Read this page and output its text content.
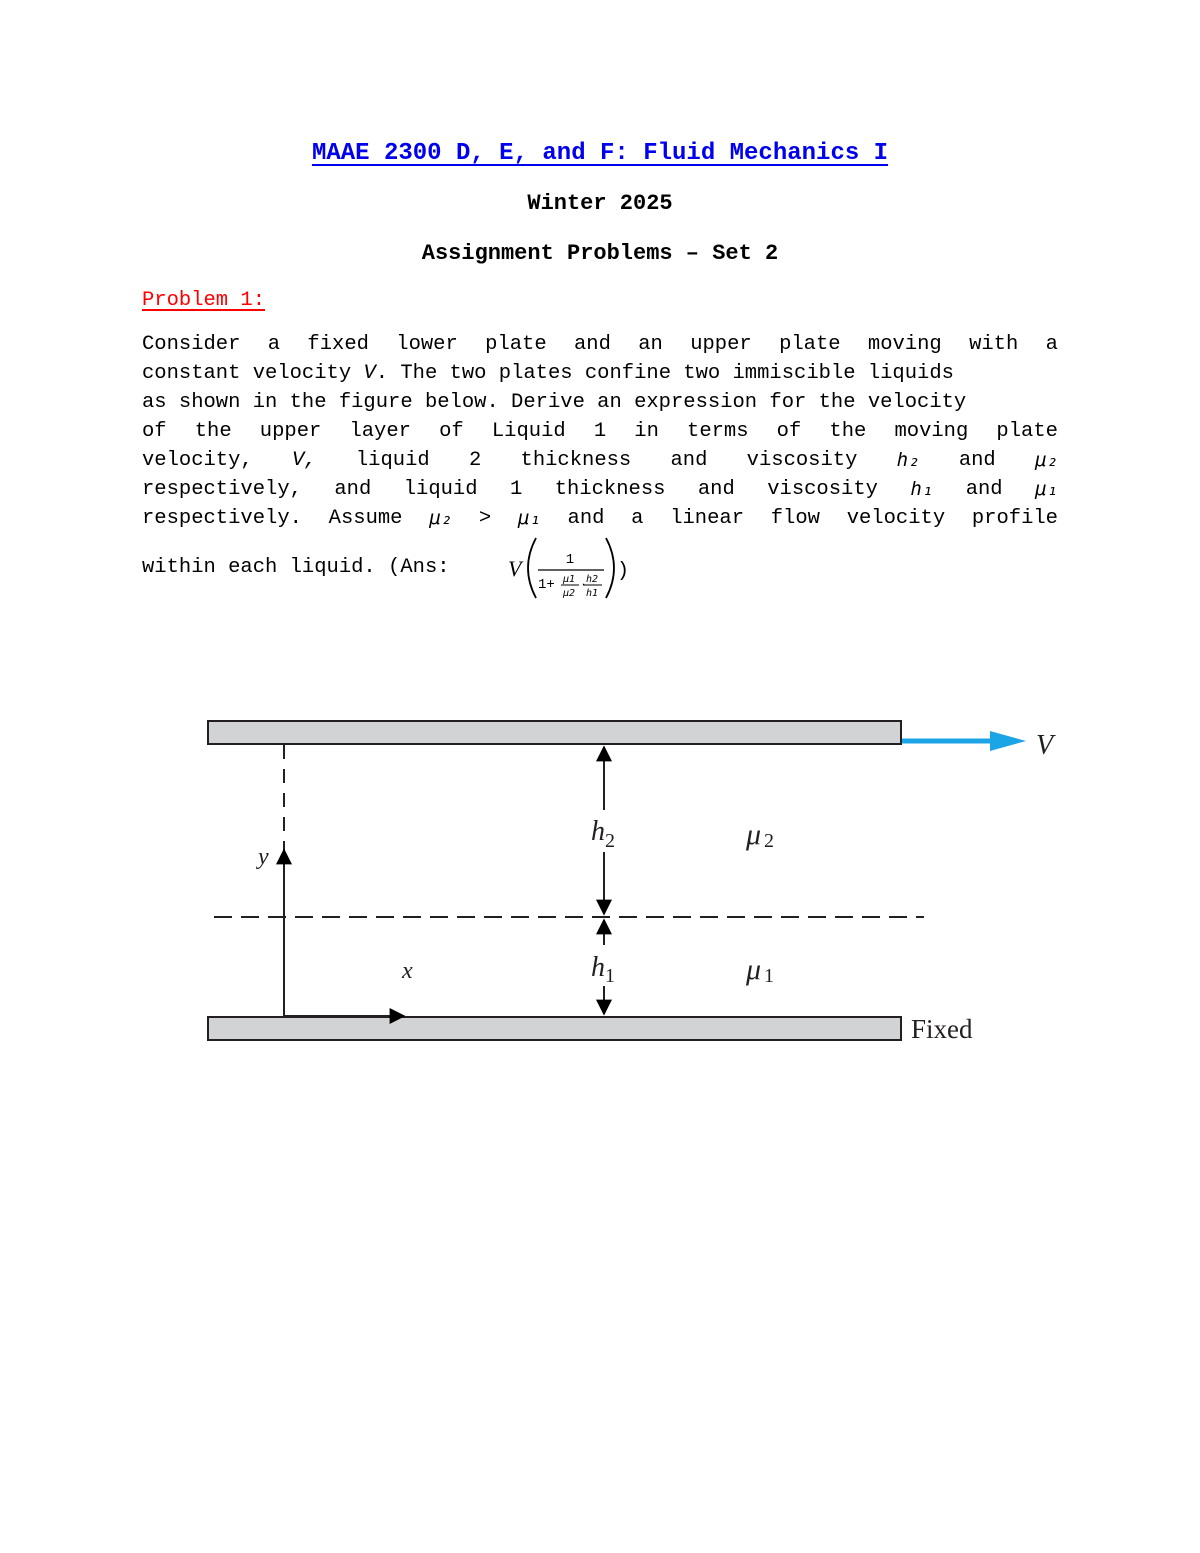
MAAE 2300 D, E, and F: Fluid Mechanics I
Winter 2025
Assignment Problems – Set 2
Problem 1:
Consider a fixed lower plate and an upper plate moving with a
constant velocity V. The two plates confine two immiscible liquids
as shown in the figure below. Derive an expression for the velocity
of the upper layer of Liquid 1 in terms of the moving plate
velocity, V, liquid 2 thickness and viscosity h₂ and μ₂
respectively, and liquid 1 thickness and viscosity h₁ and μ₁
respectively. Assume μ₂ > μ₁ and a linear flow velocity profile
within each liquid. (Ans: V	1
1+ μ1
μ2
·
h2
h1
)
V
y
x
h 2
h 1
μ 2
μ 1
Fixed
